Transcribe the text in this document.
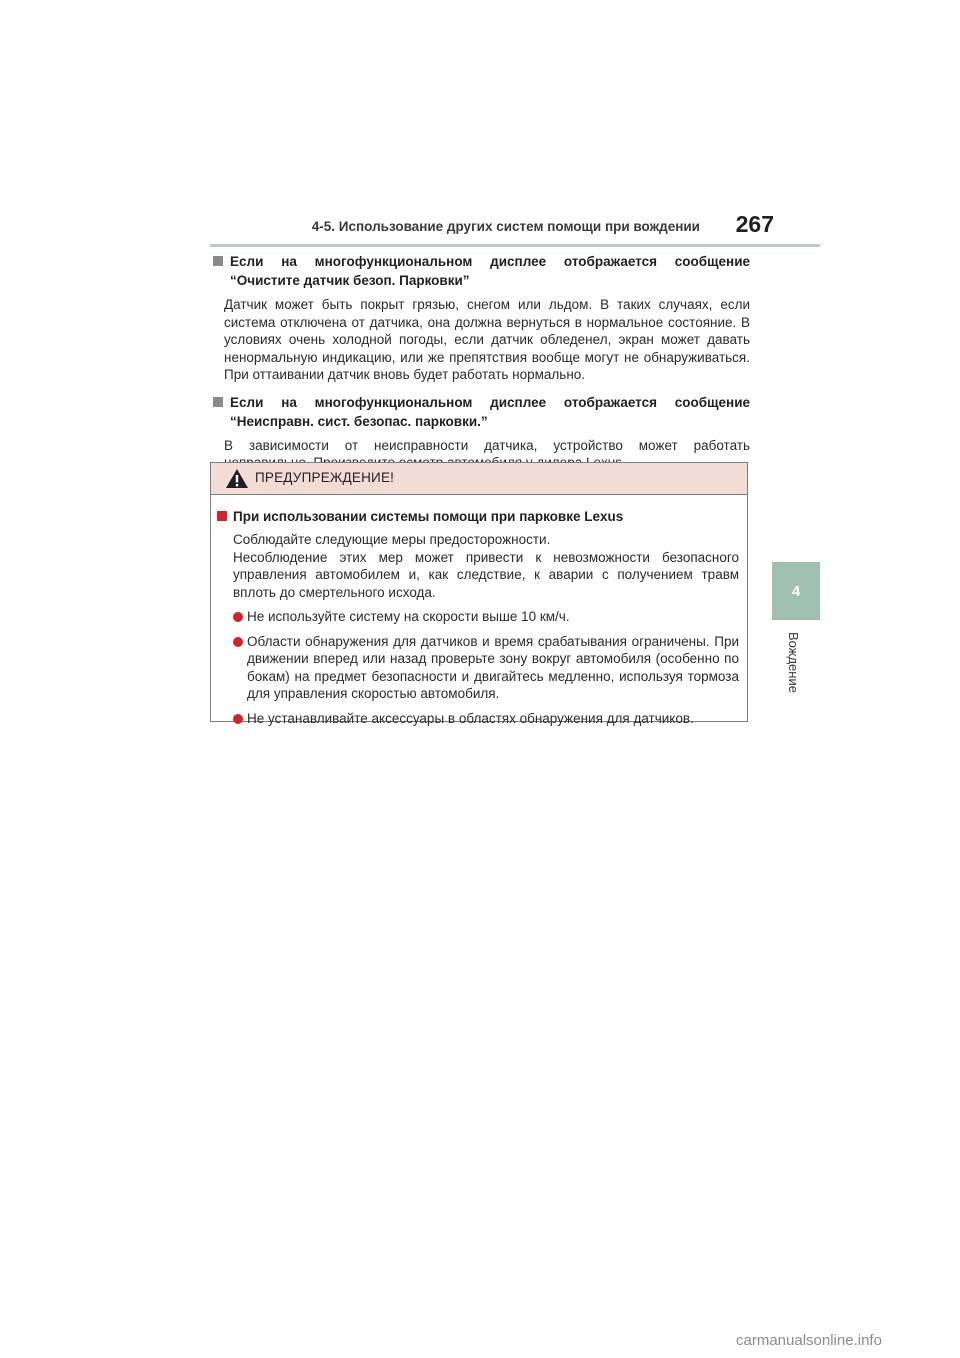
4-5. Использование других систем помощи при вождении	267
4
Вождение
Если на многофункциональном дисплее отображается сообщение “Очистите датчик безоп. Парковки”
Датчик может быть покрыт грязью, снегом или льдом. В таких случаях, если система отключена от датчика, она должна вернуться в нормальное состояние. В условиях очень холодной погоды, если датчик обледенел, экран может давать ненормальную индикацию, или же препятствия вообще могут не обнаруживаться. При оттаивании датчик вновь будет работать нормально.
Если на многофункциональном дисплее отображается сообщение “Неисправн. сист. безопас. парковки.”
В зависимости от неисправности датчика, устройство может работать
ПРЕДУПРЕЖДЕНИЕ!
При использовании системы помощи при парковке Lexus
Соблюдайте следующие меры предосторожности.
Несоблюдение этих мер может привести к невозможности безопасного управления автомобилем и, как следствие, к аварии с получением травм вплоть до смертельного исхода.
Не используйте систему на скорости выше 10 км/ч.
Области обнаружения для датчиков и время срабатывания ограничены. При движении вперед или назад проверьте зону вокруг автомобиля (особенно по бокам) на предмет безопасности и двигайтесь медленно, используя тормоза для управления скоростью автомобиля.
Не устанавливайте аксессуары в областях обнаружения для датчиков.
carmanualsonline.info
